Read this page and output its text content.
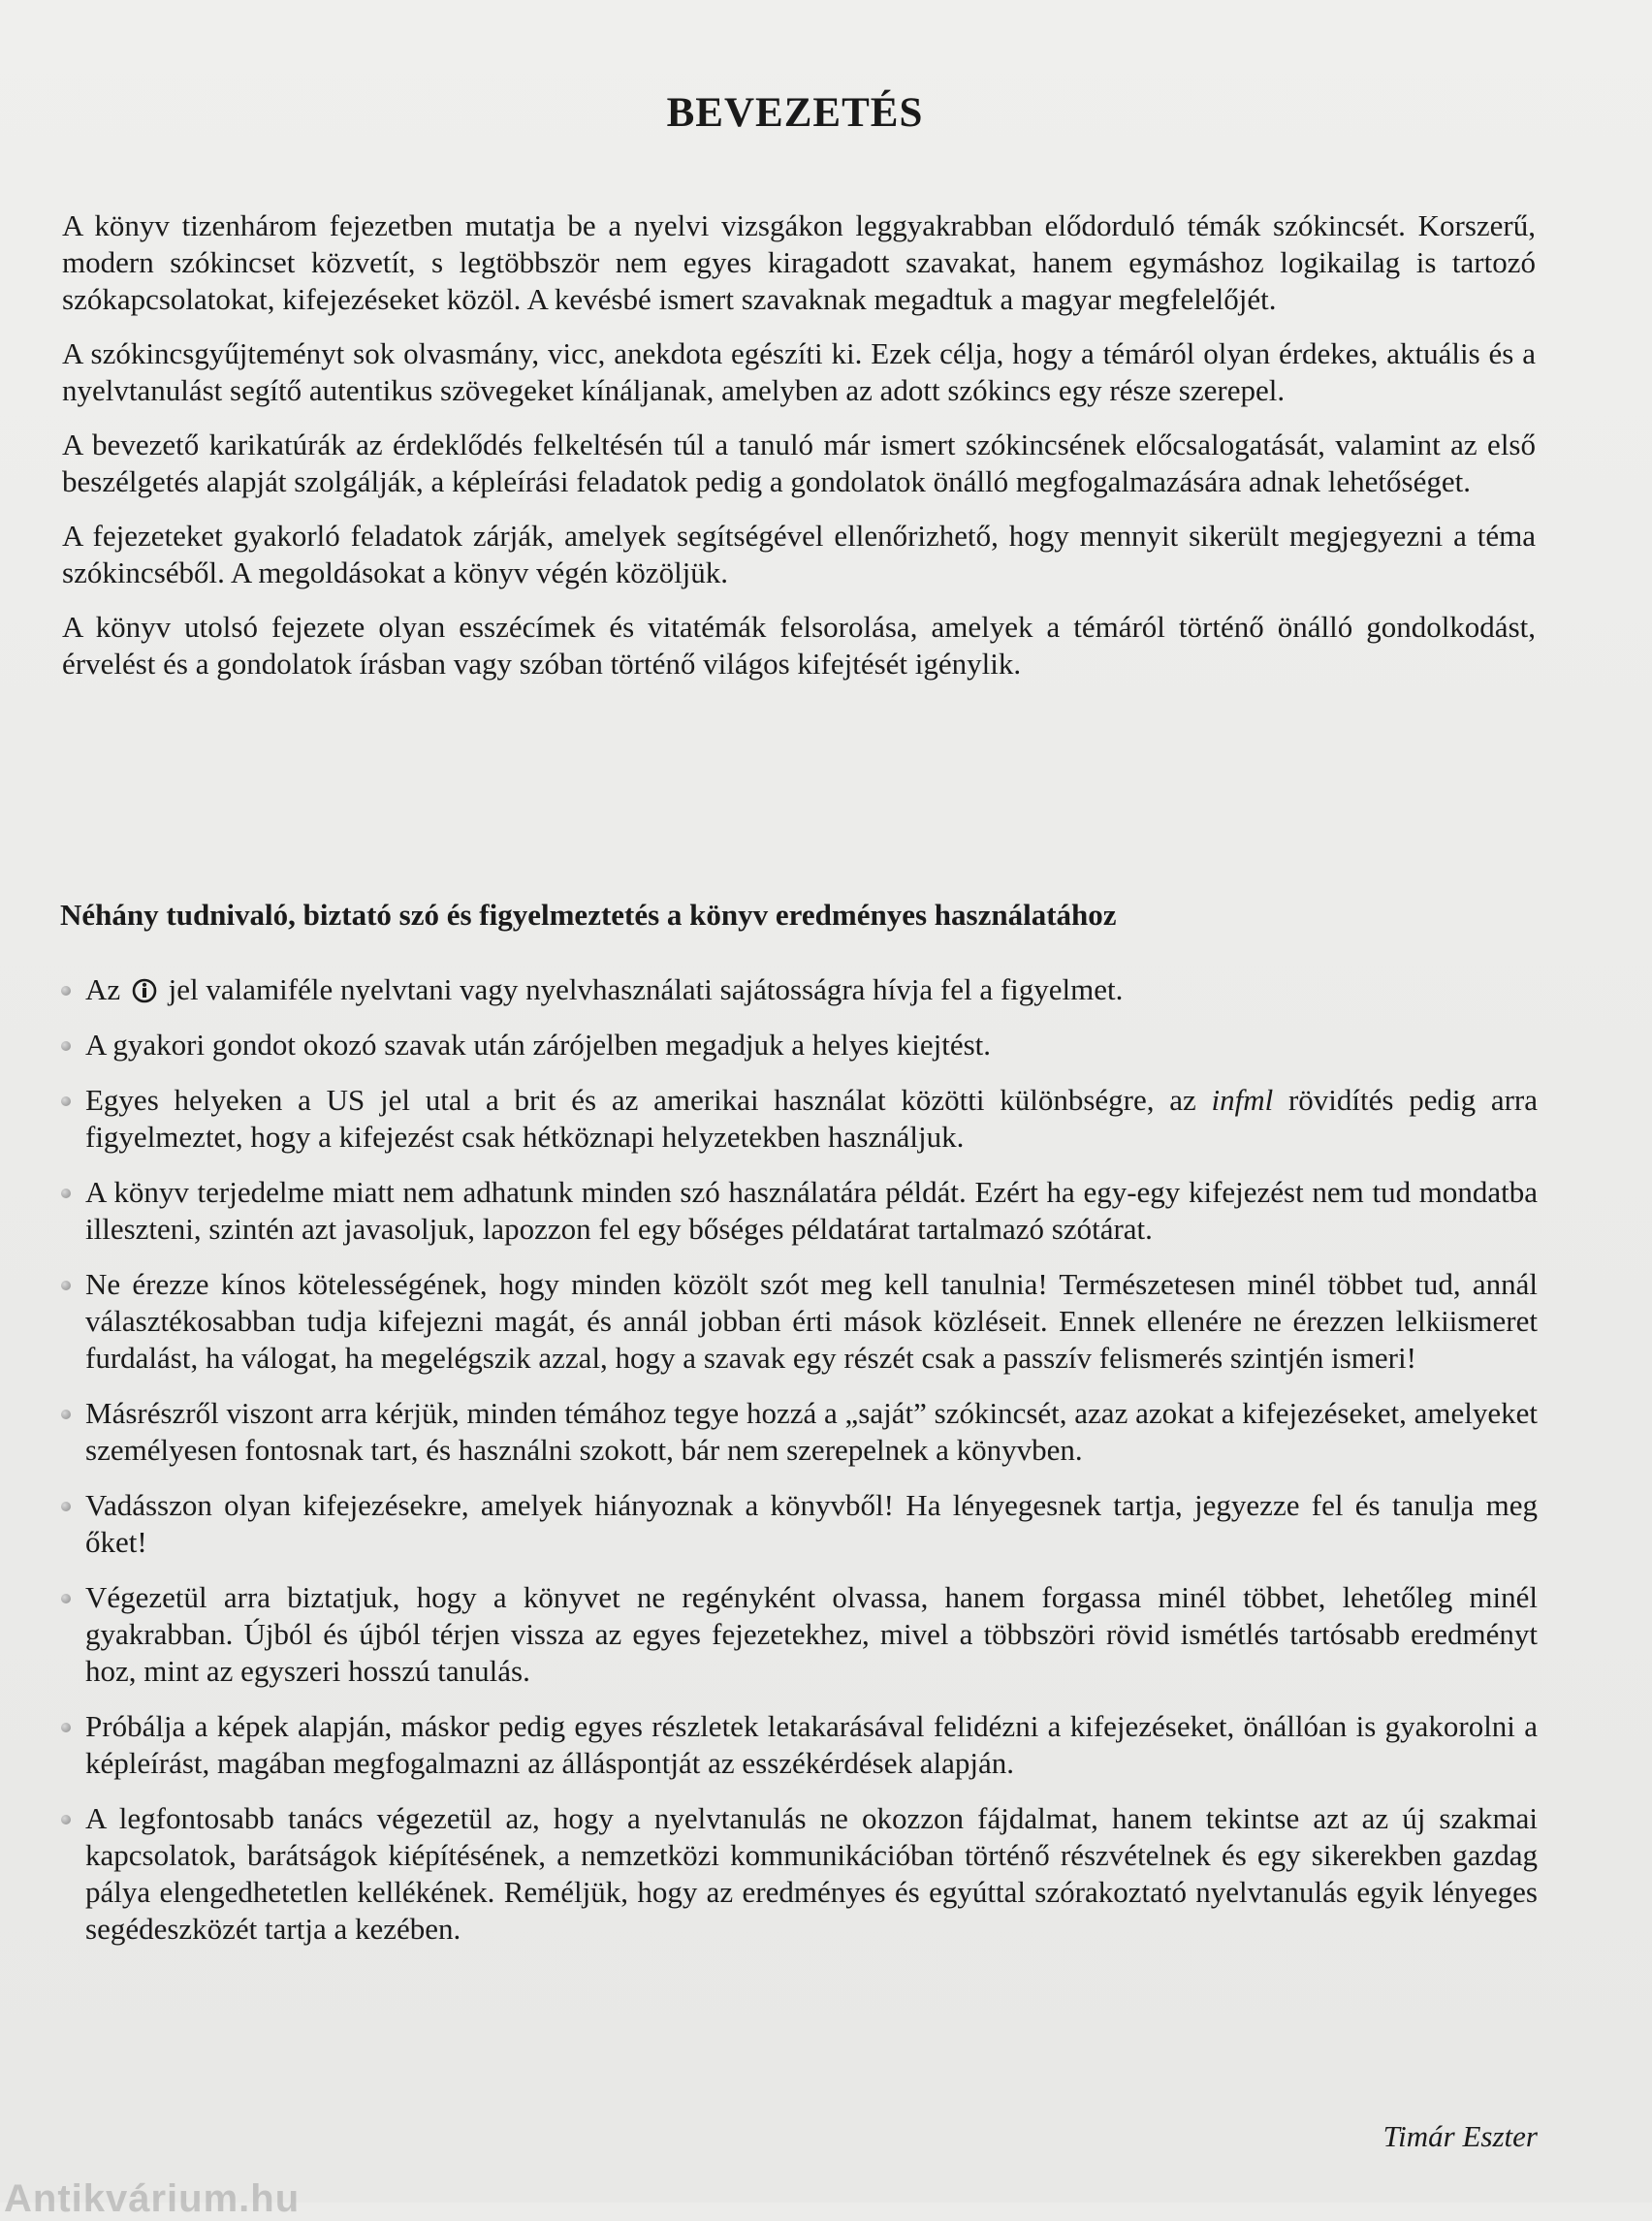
BEVEZETÉS

A könyv tizenhárom fejezetben mutatja be a nyelvi vizsgákon leggyakrabban elődorduló témák szókincsét. Korszerű, modern szókincset közvetít, s legtöbbször nem egyes kiragadott szavakat, hanem egymáshoz logikailag is tartozó szókapcsolatokat, kifejezéseket közöl. A kevésbé ismert szavaknak megadtuk a magyar megfelelőjét.

A szókincsgyűjteményt sok olvasmány, vicc, anekdota egészíti ki. Ezek célja, hogy a témáról olyan érdekes, aktuális és a nyelvtanulást segítő autentikus szövegeket kínáljanak, amelyben az adott szókincs egy része szerepel.

A bevezető karikatúrák az érdeklődés felkeltésén túl a tanuló már ismert szókincsének előcsalogatását, valamint az első beszélgetés alapját szolgálják, a képleírási feladatok pedig a gondolatok önálló megfogalmazására adnak lehetőséget.

A fejezeteket gyakorló feladatok zárják, amelyek segítségével ellenőrizhető, hogy mennyit sikerült megjegyezni a téma szókincséből. A megoldásokat a könyv végén közöljük.

A könyv utolsó fejezete olyan esszécímek és vitatémák felsorolása, amelyek a témáról történő önálló gondolkodást, érvelést és a gondolatok írásban vagy szóban történő világos kifejtését igénylik.

Néhány tudnivaló, biztató szó és figyelmeztetés a könyv eredményes használatához
Az jel valamiféle nyelvtani vagy nyelvhasználati sajátosságra hívja fel a figyelmet.
A gyakori gondot okozó szavak után zárójelben megadjuk a helyes kiejtést.
Egyes helyeken a US jel utal a brit és az amerikai használat közötti különbségre, az infml rövidítés pedig arra figyelmeztet, hogy a kifejezést csak hétköznapi helyzetekben használjuk.
A könyv terjedelme miatt nem adhatunk minden szó használatára példát. Ezért ha egy-egy kifejezést nem tud mondatba illeszteni, szintén azt javasoljuk, lapozzon fel egy bőséges példatárat tartalmazó szótárat.
Ne érezze kínos kötelességének, hogy minden közölt szót meg kell tanulnia! Természetesen minél többet tud, annál választékosabban tudja kifejezni magát, és annál jobban érti mások közléseit. Ennek ellenére ne érezzen lelkiismeret furdalást, ha válogat, ha megelégszik azzal, hogy a szavak egy részét csak a passzív felismerés szintjén ismeri!
Másrészről viszont arra kérjük, minden témához tegye hozzá a „saját” szókincsét, azaz azokat a kifejezéseket, amelyeket személyesen fontosnak tart, és használni szokott, bár nem szerepelnek a könyvben.
Vadásszon olyan kifejezésekre, amelyek hiányoznak a könyvből! Ha lényegesnek tartja, jegyezze fel és tanulja meg őket!
Végezetül arra biztatjuk, hogy a könyvet ne regényként olvassa, hanem forgassa minél többet, lehetőleg minél gyakrabban. Újból és újból térjen vissza az egyes fejezetekhez, mivel a többszöri rövid ismétlés tartósabb eredményt hoz, mint az egyszeri hosszú tanulás.
Próbálja a képek alapján, máskor pedig egyes részletek letakarásával felidézni a kifejezéseket, önállóan is gyakorolni a képleírást, magában megfogalmazni az álláspontját az esszékérdések alapján.
A legfontosabb tanács végezetül az, hogy a nyelvtanulás ne okozzon fájdalmat, hanem tekintse azt az új szakmai kapcsolatok, barátságok kiépítésének, a nemzetközi kommunikációban történő részvételnek és egy sikerekben gazdag pálya elengedhetetlen kellékének. Reméljük, hogy az eredményes és egyúttal szórakoztató nyelvtanulás egyik lényeges segédeszközét tartja a kezében.
Timár Eszter
Antikvárium.hu
